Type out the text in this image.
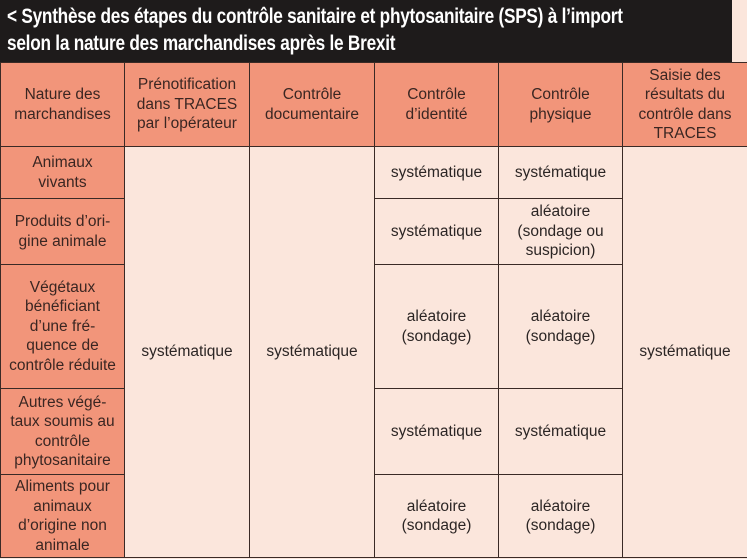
< Synthèse des étapes du contrôle sanitaire et phytosanitaire (SPS) à l’import
selon la nature des marchandises après le Brexit
Nature des marchandises	Prénotification dans TRACES par l’opérateur	Contrôle documentaire	Contrôle d’identité	Contrôle physique	Saisie des résultats du contrôle dans TRACES
Animaux vivants	systématique	systématique	systématique	systématique	systématique
Produits d’ori-gine animale			systématique	aléatoire (sondage ou suspicion)	
Végétaux bénéficiant d’une fré-quence de contrôle réduite			aléatoire (sondage)	aléatoire (sondage)	
Autres végé-taux soumis au contrôle phytosanitaire			systématique	systématique	
Aliments pour animaux d’origine non animale			aléatoire (sondage)	aléatoire (sondage)	
